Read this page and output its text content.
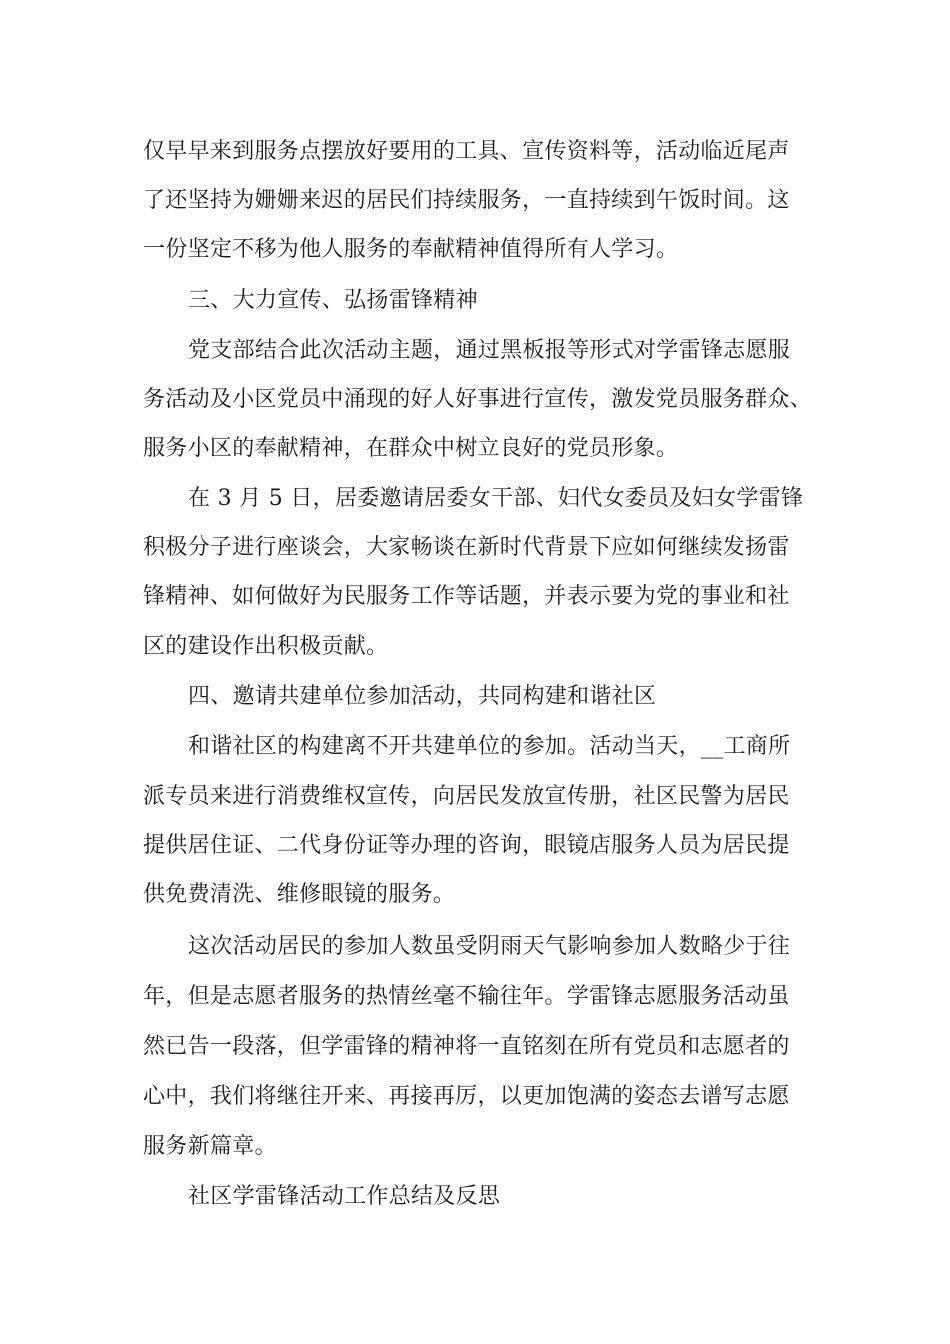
仅早早来到服务点摆放好要用的工具、宣传资料等，活动临近尾声
了还坚持为姗姗来迟的居民们持续服务，一直持续到午饭时间。这
一份坚定不移为他人服务的奉献精神值得所有人学习。
三、大力宣传、弘扬雷锋精神
党支部结合此次活动主题，通过黑板报等形式对学雷锋志愿服
务活动及小区党员中涌现的好人好事进行宣传，激发党员服务群众、
服务小区的奉献精神，在群众中树立良好的党员形象。
在 3 月 5 日，居委邀请居委女干部、妇代女委员及妇女学雷锋
积极分子进行座谈会，大家畅谈在新时代背景下应如何继续发扬雷
锋精神、如何做好为民服务工作等话题，并表示要为党的事业和社
区的建设作出积极贡献。
四、邀请共建单位参加活动，共同构建和谐社区
和谐社区的构建离不开共建单位的参加。活动当天，__工商所
派专员来进行消费维权宣传，向居民发放宣传册，社区民警为居民
提供居住证、二代身份证等办理的咨询，眼镜店服务人员为居民提
供免费清洗、维修眼镜的服务。
这次活动居民的参加人数虽受阴雨天气影响参加人数略少于往
年，但是志愿者服务的热情丝毫不输往年。学雷锋志愿服务活动虽
然已告一段落，但学雷锋的精神将一直铭刻在所有党员和志愿者的
心中，我们将继往开来、再接再厉，以更加饱满的姿态去谱写志愿
服务新篇章。
社区学雷锋活动工作总结及反思
